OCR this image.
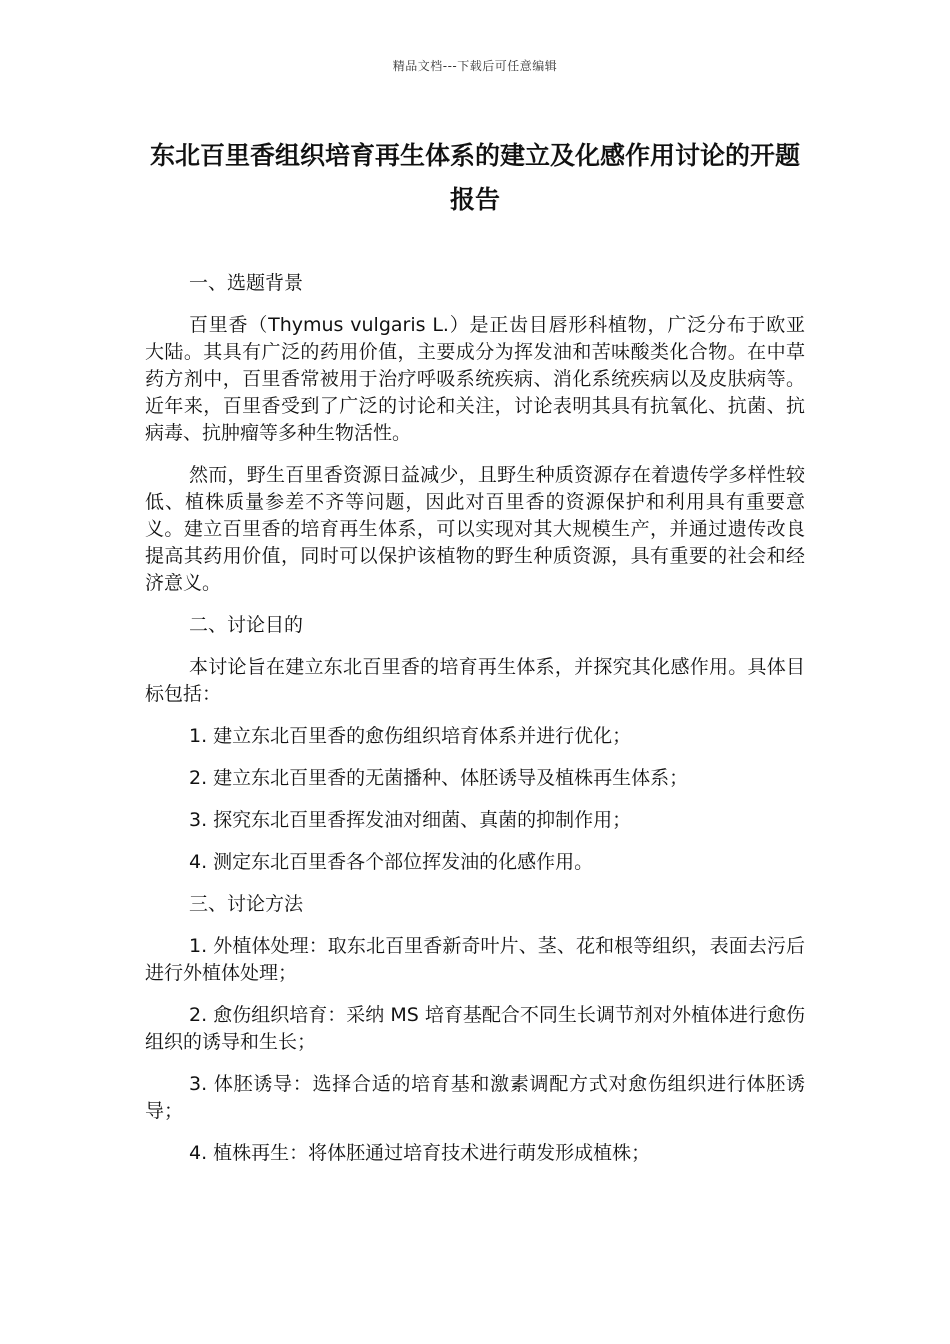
精品文档---下载后可任意编辑
东北百里香组织培育再生体系的建立及化感作用讨论的开题报告

一、选题背景

百里香（Thymus vulgaris L.）是正齿目唇形科植物，广泛分布于欧亚大陆。其具有广泛的药用价值，主要成分为挥发油和苦味酸类化合物。在中草药方剂中，百里香常被用于治疗呼吸系统疾病、消化系统疾病以及皮肤病等。近年来，百里香受到了广泛的讨论和关注，讨论表明其具有抗氧化、抗菌、抗病毒、抗肿瘤等多种生物活性。

然而，野生百里香资源日益减少，且野生种质资源存在着遗传学多样性较低、植株质量参差不齐等问题，因此对百里香的资源保护和利用具有重要意义。建立百里香的培育再生体系，可以实现对其大规模生产，并通过遗传改良提高其药用价值，同时可以保护该植物的野生种质资源，具有重要的社会和经济意义。

二、讨论目的

本讨论旨在建立东北百里香的培育再生体系，并探究其化感作用。具体目标包括：

1. 建立东北百里香的愈伤组织培育体系并进行优化；

2. 建立东北百里香的无菌播种、体胚诱导及植株再生体系；

3. 探究东北百里香挥发油对细菌、真菌的抑制作用；

4. 测定东北百里香各个部位挥发油的化感作用。

三、讨论方法

1. 外植体处理：取东北百里香新奇叶片、茎、花和根等组织，表面去污后进行外植体处理；

2. 愈伤组织培育：采纳 MS 培育基配合不同生长调节剂对外植体进行愈伤组织的诱导和生长；

3. 体胚诱导：选择合适的培育基和激素调配方式对愈伤组织进行体胚诱导；

4. 植株再生：将体胚通过培育技术进行萌发形成植株；
